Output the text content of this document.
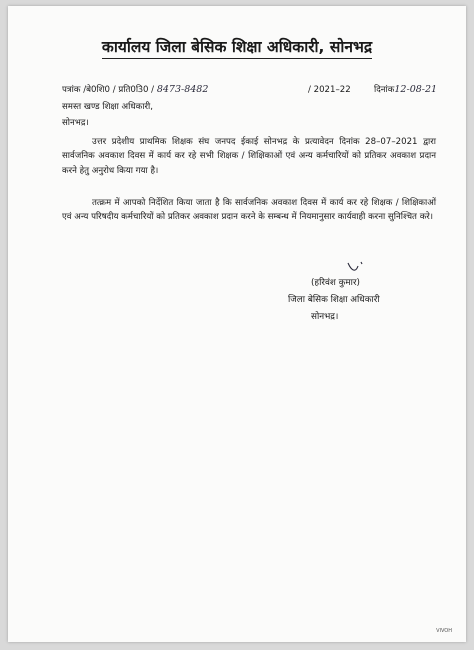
कार्यालय जिला बेसिक शिक्षा अधिकारी, सोनभद्र
पत्रांक /बे0शि0 / प्रति03ि0 / 8473-8482	/ 2021–22	दिनांक12-08-21
समस्त खण्ड शिक्षा अधिकारी,
सोनभद्र।
उत्तर प्रदेशीय प्राथमिक शिक्षक संघ जनपद ईकाई सोनभद्र के प्रत्यावेदन दिनांक 28–07–2021 द्वारा सार्वजनिक अवकाश दिवस में कार्य कर रहे सभी शिक्षक / शिक्षिकाओं एवं अन्य कर्मचारियों को प्रतिकर अवकाश प्रदान करने हेतु अनुरोध किया गया है।
तत्क्रम में आपको निर्देशित किया जाता है कि सार्वजनिक अवकाश दिवस में कार्य कर रहे शिक्षक / शिक्षिकाओं एवं अन्य परिषदीय कर्मचारियों को प्रतिकर अवकाश प्रदान करने के सम्बन्ध में नियमानुसार कार्यवाही करना सुनिश्चित करे।
(हरिवंश कुमार)
जिला बेसिक शिक्षा अधिकारी
सोनभद्र।
VIVOH
